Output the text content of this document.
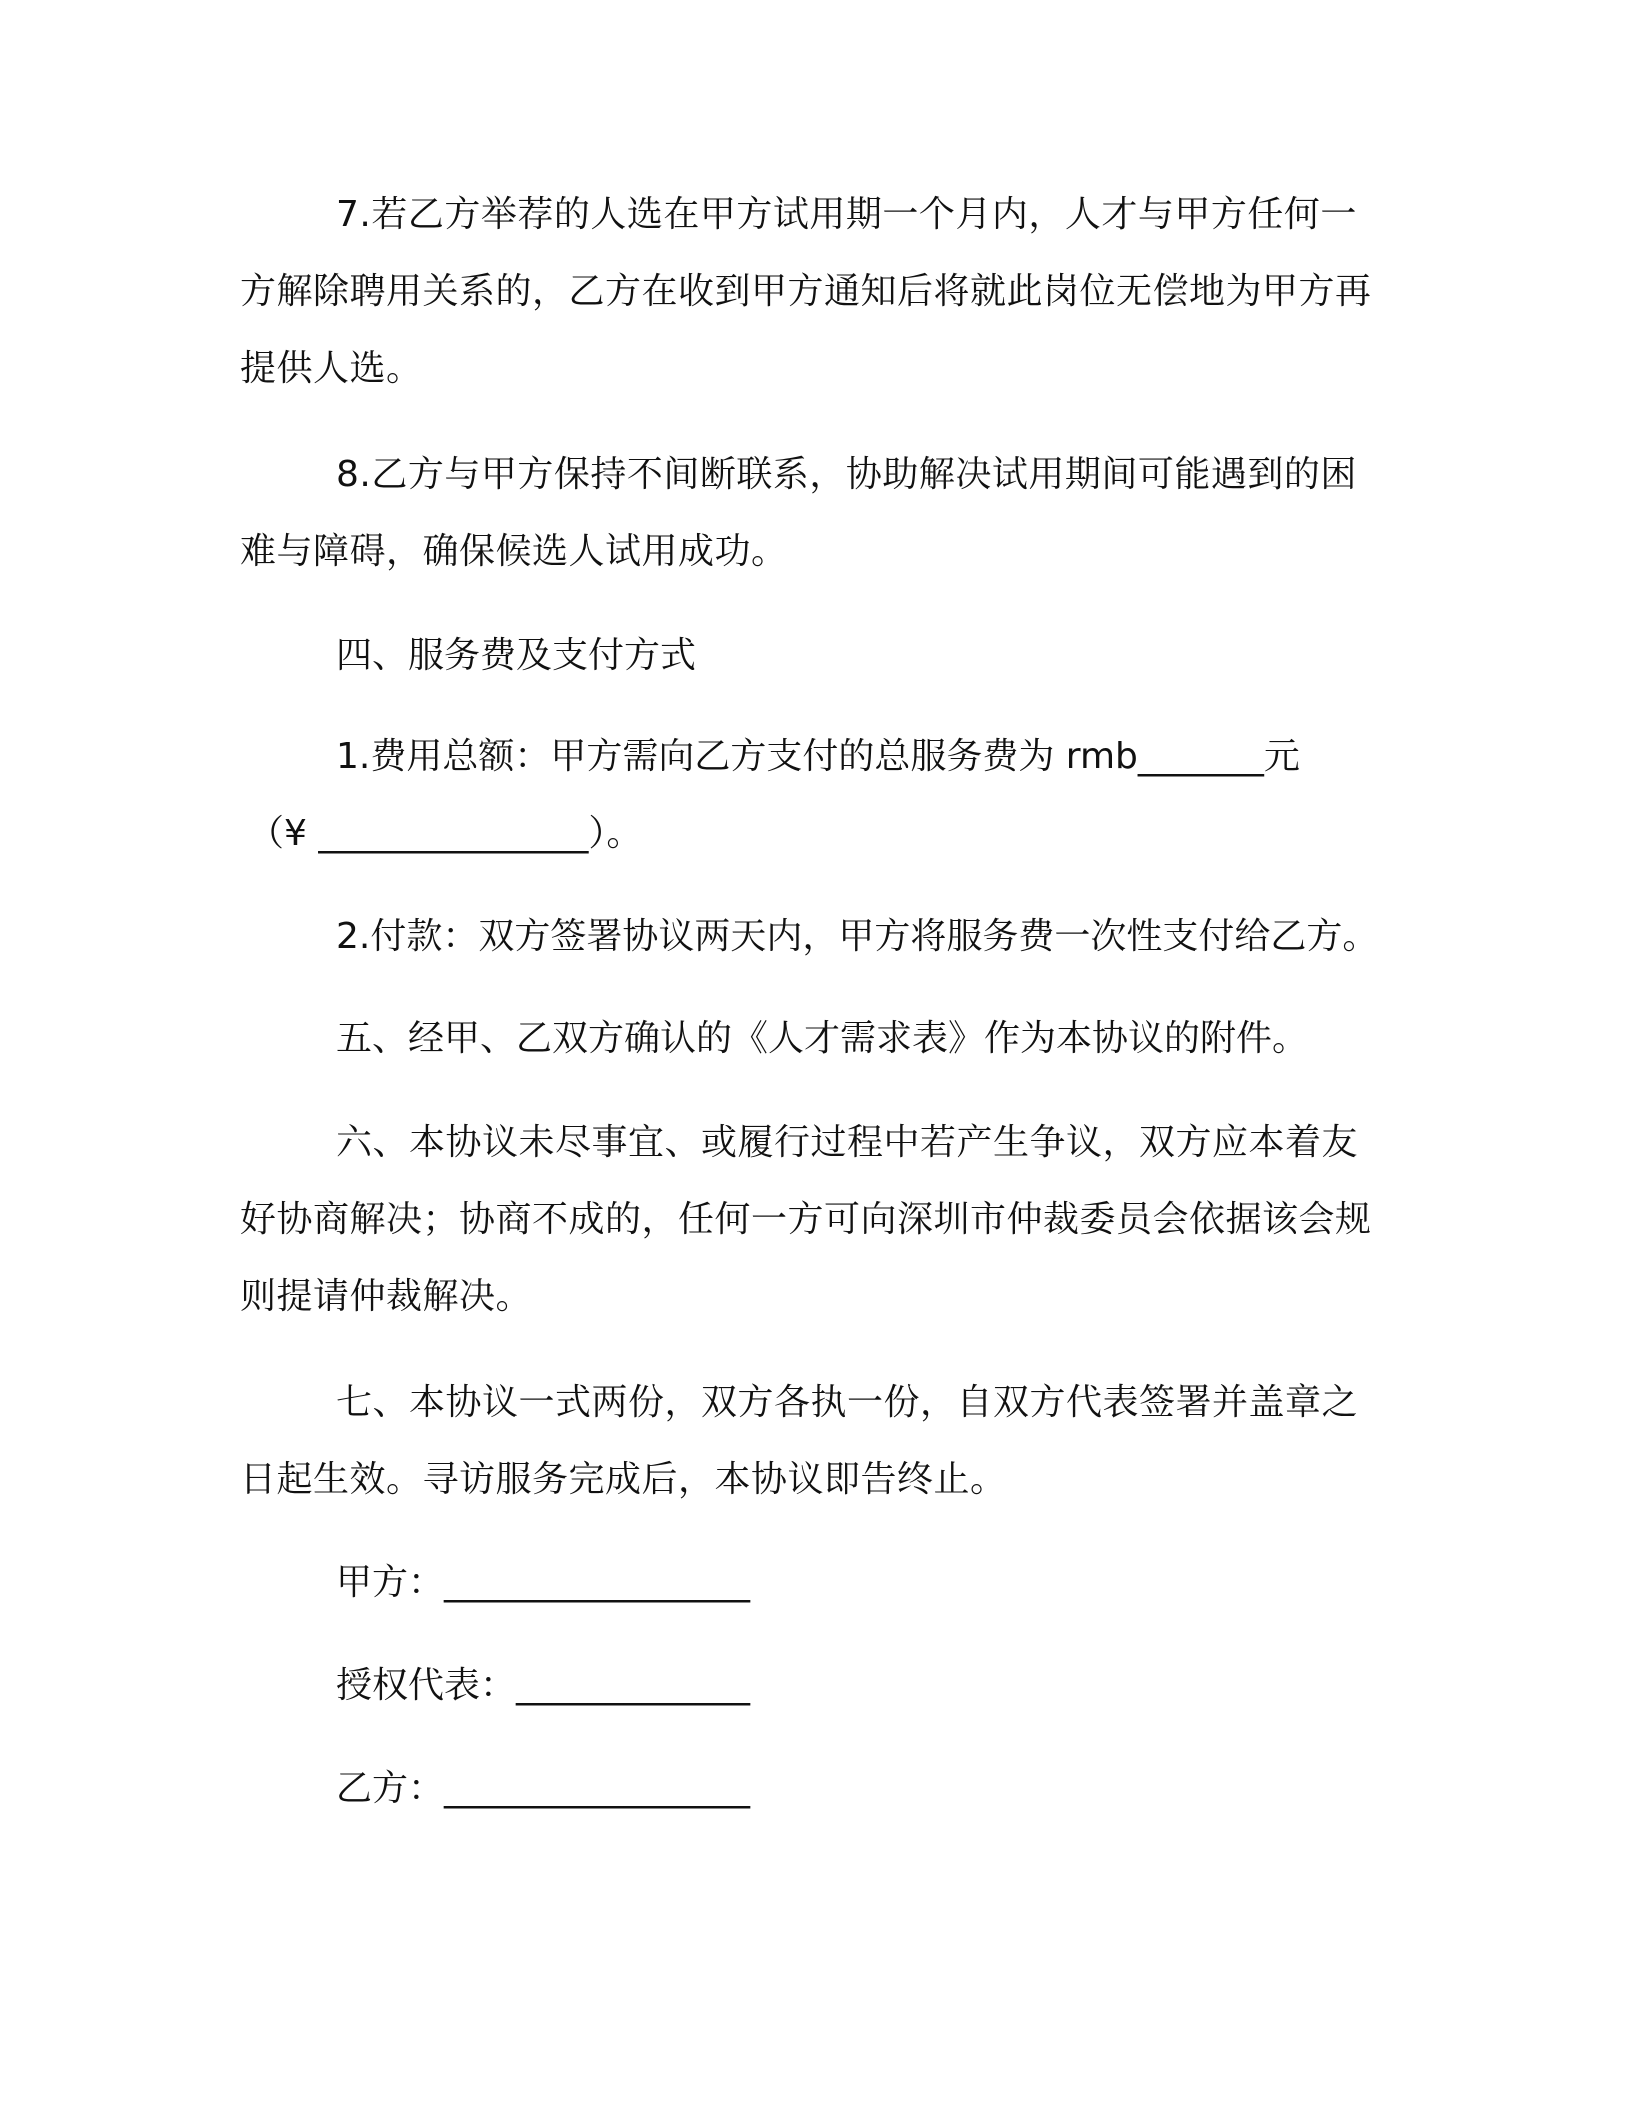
7.若乙方举荐的人选在甲方试用期一个月内，人才与甲方任何一方解除聘用关系的，乙方在收到甲方通知后将就此岗位无偿地为甲方再提供人选。

8.乙方与甲方保持不间断联系，协助解决试用期间可能遇到的困难与障碍，确保候选人试用成功。

四、服务费及支付方式

1.费用总额：甲方需向乙方支付的总服务费为 rmb_______元

（¥ _______________）。

2.付款：双方签署协议两天内，甲方将服务费一次性支付给乙方。

五、经甲、乙双方确认的《人才需求表》作为本协议的附件。

六、本协议未尽事宜、或履行过程中若产生争议，双方应本着友好协商解决；协商不成的，任何一方可向深圳市仲裁委员会依据该会规则提请仲裁解决。

七、本协议一式两份，双方各执一份，自双方代表签署并盖章之日起生效。寻访服务完成后，本协议即告终止。

甲方：_________________

授权代表：_____________

乙方：_________________
